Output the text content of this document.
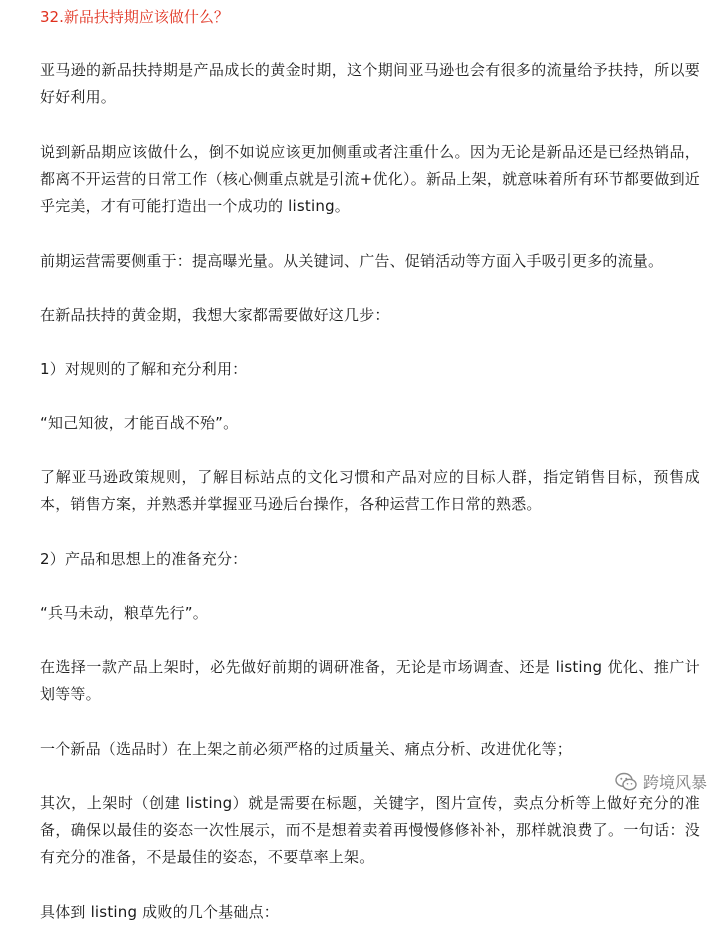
32.新品扶持期应该做什么？

亚马逊的新品扶持期是产品成长的黄金时期，这个期间亚马逊也会有很多的流量给予扶持，所以要好好利用。

说到新品期应该做什么，倒不如说应该更加侧重或者注重什么。因为无论是新品还是已经热销品，都离不开运营的日常工作（核心侧重点就是引流+优化）。新品上架，就意味着所有环节都要做到近乎完美，才有可能打造出一个成功的 listing。

前期运营需要侧重于：提高曝光量。从关键词、广告、促销活动等方面入手吸引更多的流量。

在新品扶持的黄金期，我想大家都需要做好这几步：

1）对规则的了解和充分利用：

“知己知彼，才能百战不殆”。

了解亚马逊政策规则，了解目标站点的文化习惯和产品对应的目标人群，指定销售目标，预售成本，销售方案，并熟悉并掌握亚马逊后台操作，各种运营工作日常的熟悉。

2）产品和思想上的准备充分：

“兵马未动，粮草先行”。

在选择一款产品上架时，必先做好前期的调研准备，无论是市场调查、还是 listing 优化、推广计划等等。

一个新品（选品时）在上架之前必须严格的过质量关、痛点分析、改进优化等；

其次，上架时（创建 listing）就是需要在标题，关键字，图片宣传，卖点分析等上做好充分的准备，确保以最佳的姿态一次性展示，而不是想着卖着再慢慢修修补补，那样就浪费了。一句话：没有充分的准备，不是最佳的姿态，不要草率上架。

具体到 listing 成败的几个基础点：

跨境风暴
